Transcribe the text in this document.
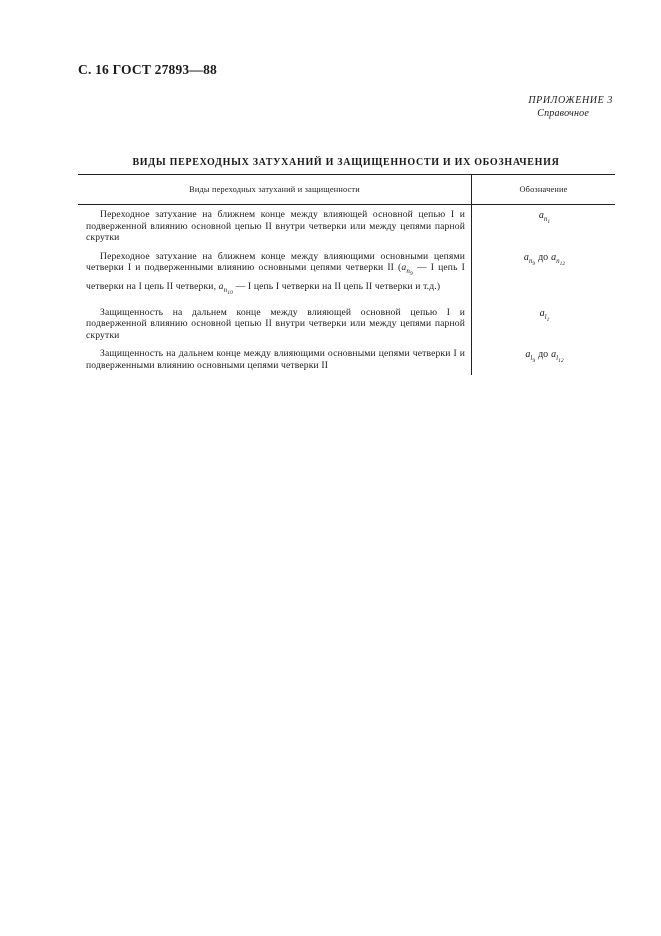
С. 16 ГОСТ 27893—88
ПРИЛОЖЕНИЕ 3
Справочное
ВИДЫ ПЕРЕХОДНЫХ ЗАТУХАНИЙ И ЗАЩИЩЕННОСТИ И ИХ ОБОЗНАЧЕНИЯ
Виды переходных затуханий и защищенности	Обозначение
Переходное затухание на ближнем конце между влияющей основной цепью I и подверженной влиянию основной цепью II внутри четверки или между цепями парной скрутки	$a_{n_1}$
Переходное затухание на ближнем конце между влияющими основными цепями четверки I и подверженными влиянию основными цепями четверки II ($a_{n_9}$ — I цепь I четверки на I цепь II четверки, $a_{n_{10}}$ — I цепь I четверки на II цепь II четверки и т.д.)	$a_{n_9}до$ $a_{n_{12}}$
Защищенность на дальнем конце между влияющей основной цепью I и подверженной влиянию основной цепью II внутри четверки или между цепями парной скрутки	$a_{l_1}$
Защищенность на дальнем конце между влияющими основными цепями четверки I и подверженными влиянию основными цепями четверки II	$a_{l_9}до$ $a_{l_{12}}$
